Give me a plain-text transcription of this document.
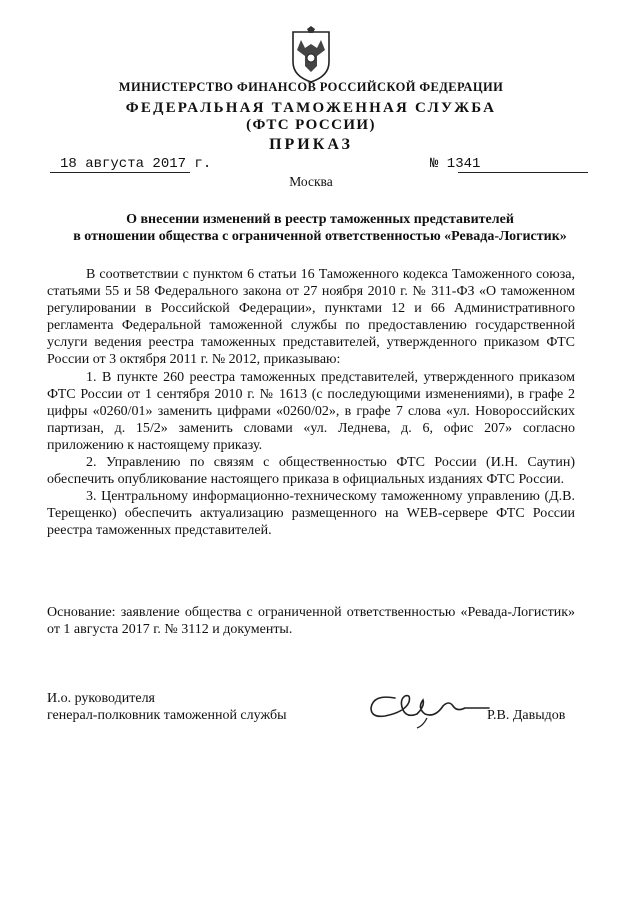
МИНИСТЕРСТВО ФИНАНСОВ РОССИЙСКОЙ ФЕДЕРАЦИИ
ФЕДЕРАЛЬНАЯ ТАМОЖЕННАЯ СЛУЖБА
(ФТС РОССИИ)
ПРИКАЗ
18 августа 2017 г.	№ 1341
Москва
О внесении изменений в реестр таможенных представителей
в отношении общества с ограниченной ответственностью «Ревада-Логистик»

В соответствии с пунктом 6 статьи 16 Таможенного кодекса Таможенного союза, статьями 55 и 58 Федерального закона от 27 ноября 2010 г. № 311-ФЗ «О таможенном регулировании в Российской Федерации», пунктами 12 и 66 Административного регламента Федеральной таможенной службы по предоставлению государственной услуги ведения реестра таможенных представителей, утвержденного приказом ФТС России от 3 октября 2011 г. № 2012, приказываю:

1. В пункте 260 реестра таможенных представителей, утвержденного приказом ФТС России от 1 сентября 2010 г. № 1613 (с последующими изменениями), в графе 2 цифры «0260/01» заменить цифрами «0260/02», в графе 7 слова «ул. Новороссийских партизан, д. 15/2» заменить словами «ул. Леднева, д. 6, офис 207» согласно приложению к настоящему приказу.

2. Управлению по связям с общественностью ФТС России (И.Н. Саутин) обеспечить опубликование настоящего приказа в официальных изданиях ФТС России.

3. Центральному информационно-техническому таможенному управлению (Д.В. Терещенко) обеспечить актуализацию размещенного на WEB-сервере ФТС России реестра таможенных представителей.

Основание: заявление общества с ограниченной ответственностью «Ревада-Логистик» от 1 августа 2017 г. № 3112 и документы.
И.о. руководителя
генерал-полковник таможенной службы	Р.В. Давыдов
